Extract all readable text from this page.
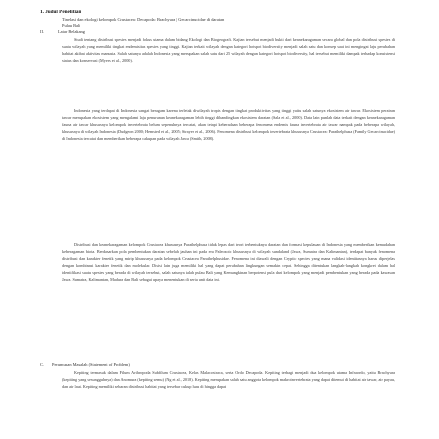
1. Judul Penelitian
Tinelasi dan ekologi kelompok Crustacea: Decapoda: Brachyura | Gecarcinucidae di daratan
Pulau Bali
II.	Latar Belakang
Studi tentang distribusi spesies menjadi fokus utama dalam bidang Ekologi dan Biogeografi. Kajian tersebut menjadi bukti dari keanekaragaman secara global dan pola distribusi spesies di suatu wilayah yang memiliki tingkat endemisitas spesies yang tinggi. Kajian terkait wilayah dengan kategori hotspot biodiversity menjadi salah satu dan konsep saat ini mengingat laju perubahan habitat akibat aktivitas manusia. Salah satunya adalah Indonesia yang merupakan salah satu dari 25 wilayah dengan kategori hotspot biodiversity, hal tersebut memiliki dampak terhadap konsistensi status dan konservasi (Myers et al., 2000).
Indonesia yang terdapat di Indonesia sangat beragam karena terletak diwilayah tropis dengan tingkat produktivitas yang tinggi yaitu salah satunya ekosistem air tawar. Ekosistem perairan tawar merupakan ekosistem yang mengalami laju penurunan keanekaragaman lebih tinggi dibandingkan ekosistem daratan (Sala et al., 2000). Data lain punlah data terkait dengan keanekaragaman fauna air tawar khususnya kelompok invertebrata belum sepenuhnya tercatat, akan tetapi keberadaan beberapa fenomena endemis fauna invertebrata air tawar nampak pada beberapa wilayah, khususnya di wilayah Indonesia (Dudgeon 2000; Hemsted et al., 2005; Strayer et al., 2006). Fenomena distribusi kelompok invertebrata khususnya Crustacea: Parathelphusa (Family Gecarcinucidae) di Indonesia tercatat dan memberikan beberapa cakupan pada wilayah Jawa (Smith, 2008).
Distribusi dan keanekaragaman kelompok Crustacea khususnya Parathelphusa tidak lepas dari teori terbentuknya daratan dan formasi kepulauan di Indonesia yang memberikan kemudahan keberagaman biota. Berdasarkan pola pembentukan daratan sebelah jauhan ini pada era Paleozoic khususnya di wilayah sundaland (Jawa, Sumatra dan Kalimantan), terdapat banyak fenomena distribusi dan karakter fenetik yang mirip khususnya pada kelompok Crustacea Parathelphusidae. Fenomena ini diawali dengan Cryptic species yang mana validasi identitasnya harus diperjelas dengan kombinasi karakter fenetik dan molekular. Disisi lain juga memiliki hal yang dapat perubahan lingkungan semakin cepat. Sehingga ditentukan langkah-langkah kongkret dalam hal identifikasi suatu spesies yang berada di wilayah tersebut, salah satunya ialah pulau Bali yang Kemungkinan berpotensi pula dari kelompok yang menjadi pembentukan yang berada pada kawasan Jawa. Sumatra, Kalimantan, Madura dan Bali sebagai upaya menentukan di serta unit data ini.
C. Perumusan Masalah (Statement of Problem)
Kepiting termasuk dalam Filum Arthropoda Subfilum Crustacea, Kelas Malacostraca, serta Ordo Decapoda. Kepiting terbagi menjadi dua kelompok utama Infraordo, yaitu Brachyura (kepiting yang sesungguhnya) dan Anomura (kepiting semu) (Ng et al., 2018). Kepiting merupakan salah satu anggota kelompok makroinvertebrata yang dapat ditemui di habitat air tawar, air payau, dan air laut. Kepiting memiliki sebaran distribusi habitat yang tersebar cukup luas di hingga dapat
